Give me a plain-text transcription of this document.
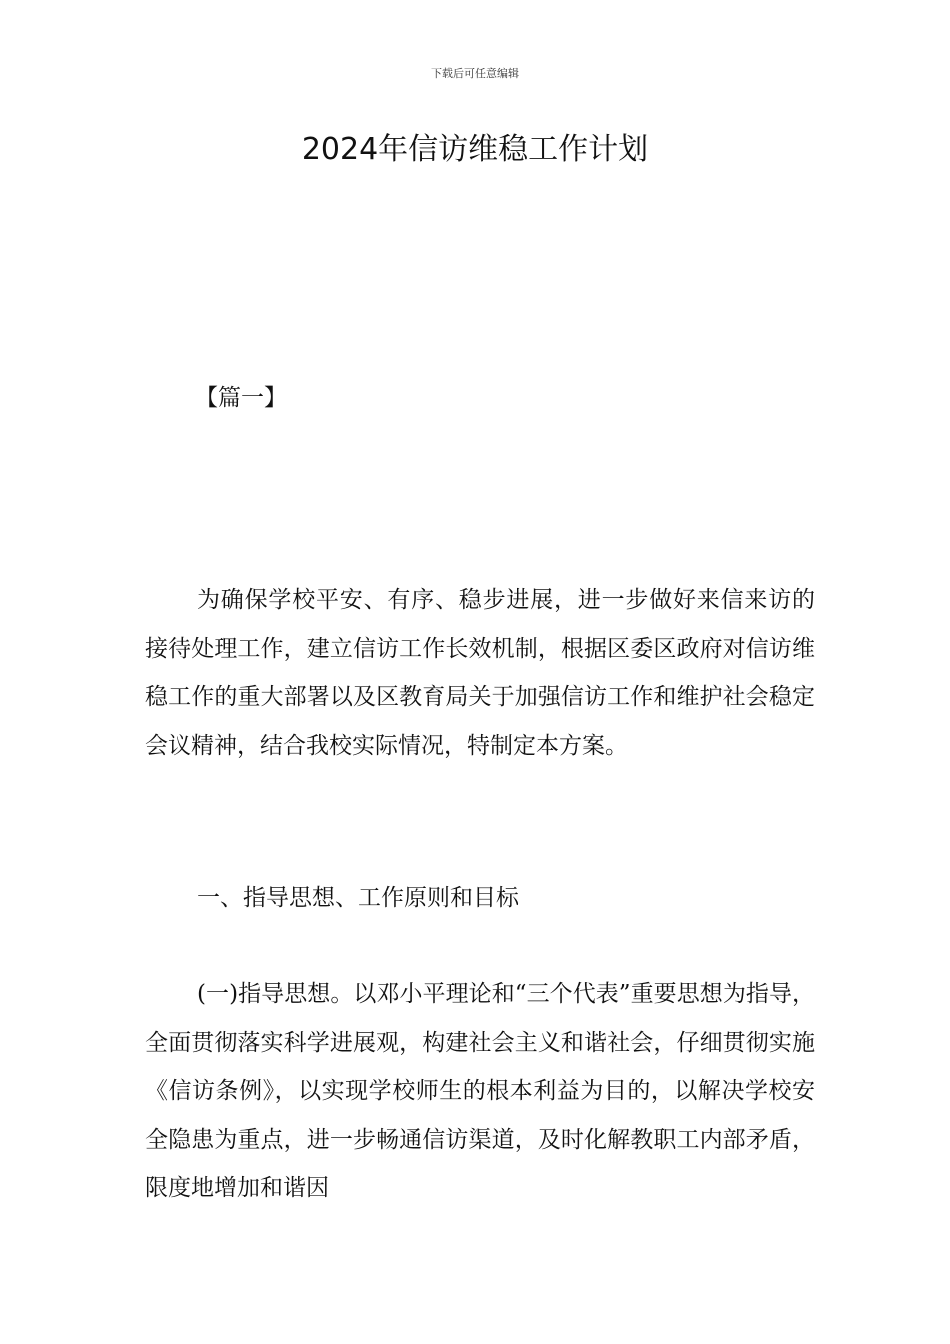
下载后可任意编辑
2024年信访维稳工作计划
【篇一】

为确保学校平安、有序、稳步进展，进一步做好来信来访的接待处理工作，建立信访工作长效机制，根据区委区政府对信访维稳工作的重大部署以及区教育局关于加强信访工作和维护社会稳定会议精神，结合我校实际情况，特制定本方案。

一、指导思想、工作原则和目标

(一)指导思想。以邓小平理论和“三个代表”重要思想为指导，全面贯彻落实科学进展观，构建社会主义和谐社会，仔细贯彻实施《信访条例》，以实现学校师生的根本利益为目的，以解决学校安全隐患为重点，进一步畅通信访渠道，及时化解教职工内部矛盾，限度地增加和谐因
